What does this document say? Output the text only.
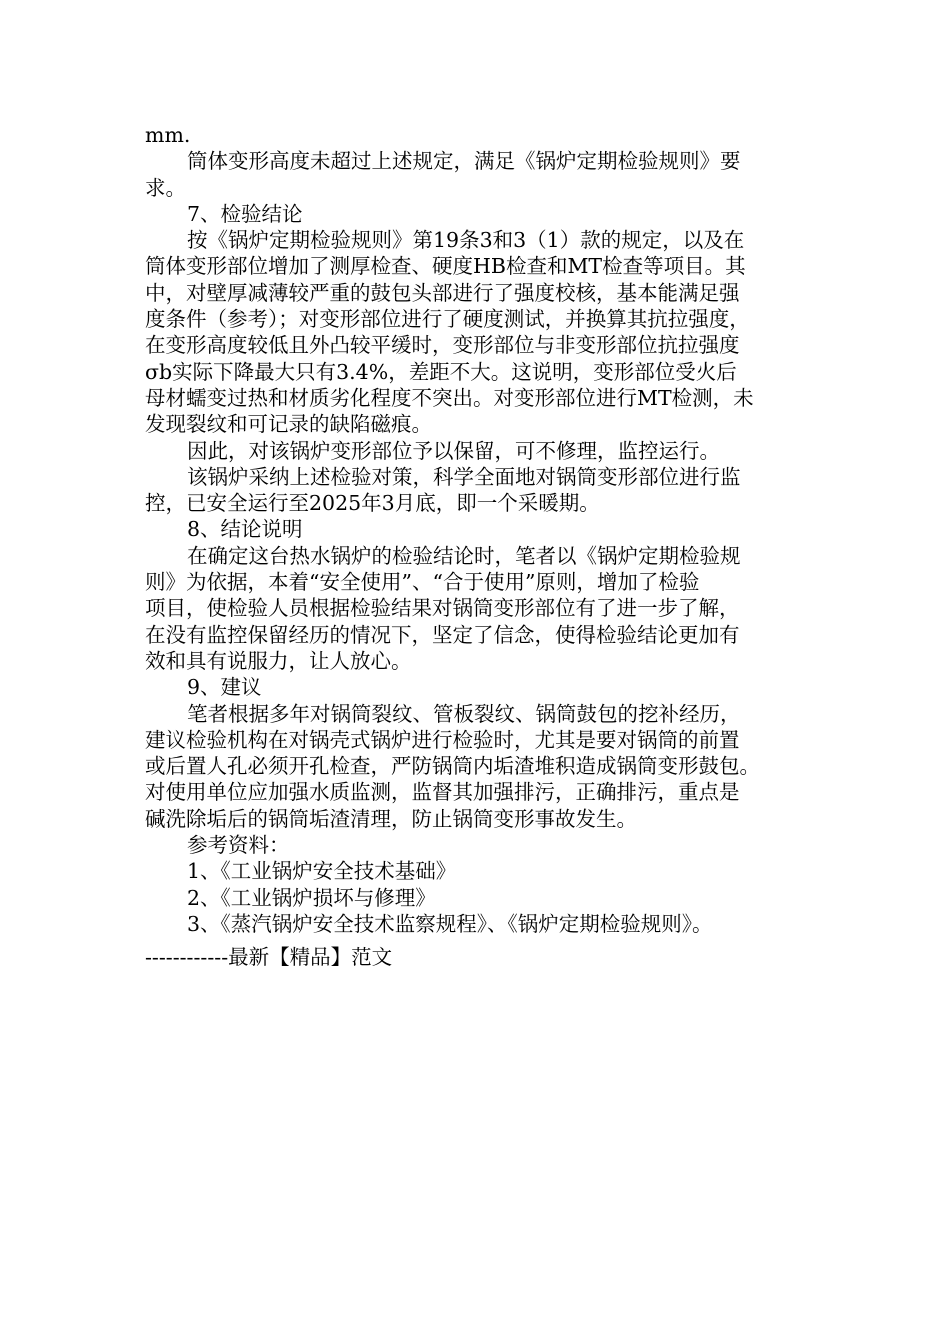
mm.
筒体变形高度未超过上述规定，满足《锅炉定期检验规则》要
求。
7、检验结论
按《锅炉定期检验规则》第19条3和3（1）款的规定，以及在
筒体变形部位增加了测厚检查、硬度HB检查和MT检查等项目。其
中，对壁厚减薄较严重的鼓包头部进行了强度校核，基本能满足强
度条件（参考）；对变形部位进行了硬度测试，并换算其抗拉强度，
在变形高度较低且外凸较平缓时，变形部位与非变形部位抗拉强度
σb实际下降最大只有3.4%，差距不大。这说明，变形部位受火后
母材蠕变过热和材质劣化程度不突出。对变形部位进行MT检测，未
发现裂纹和可记录的缺陷磁痕。
因此，对该锅炉变形部位予以保留，可不修理，监控运行。
该锅炉采纳上述检验对策，科学全面地对锅筒变形部位进行监
控，已安全运行至2025年3月底，即一个采暖期。
8、结论说明
在确定这台热水锅炉的检验结论时，笔者以《锅炉定期检验规
则》为依据，本着“安全使用”、“合于使用”原则，增加了检验
项目，使检验人员根据检验结果对锅筒变形部位有了进一步了解，
在没有监控保留经历的情况下，坚定了信念，使得检验结论更加有
效和具有说服力，让人放心。
9、建议
笔者根据多年对锅筒裂纹、管板裂纹、锅筒鼓包的挖补经历，
建议检验机构在对锅壳式锅炉进行检验时，尤其是要对锅筒的前置
或后置人孔必须开孔检查，严防锅筒内垢渣堆积造成锅筒变形鼓包。
对使用单位应加强水质监测，监督其加强排污，正确排污，重点是
碱洗除垢后的锅筒垢渣清理，防止锅筒变形事故发生。
参考资料：
1、《工业锅炉安全技术基础》
2、《工业锅炉损坏与修理》
3、《蒸汽锅炉安全技术监察规程》、《锅炉定期检验规则》。
------------最新【精品】范文
